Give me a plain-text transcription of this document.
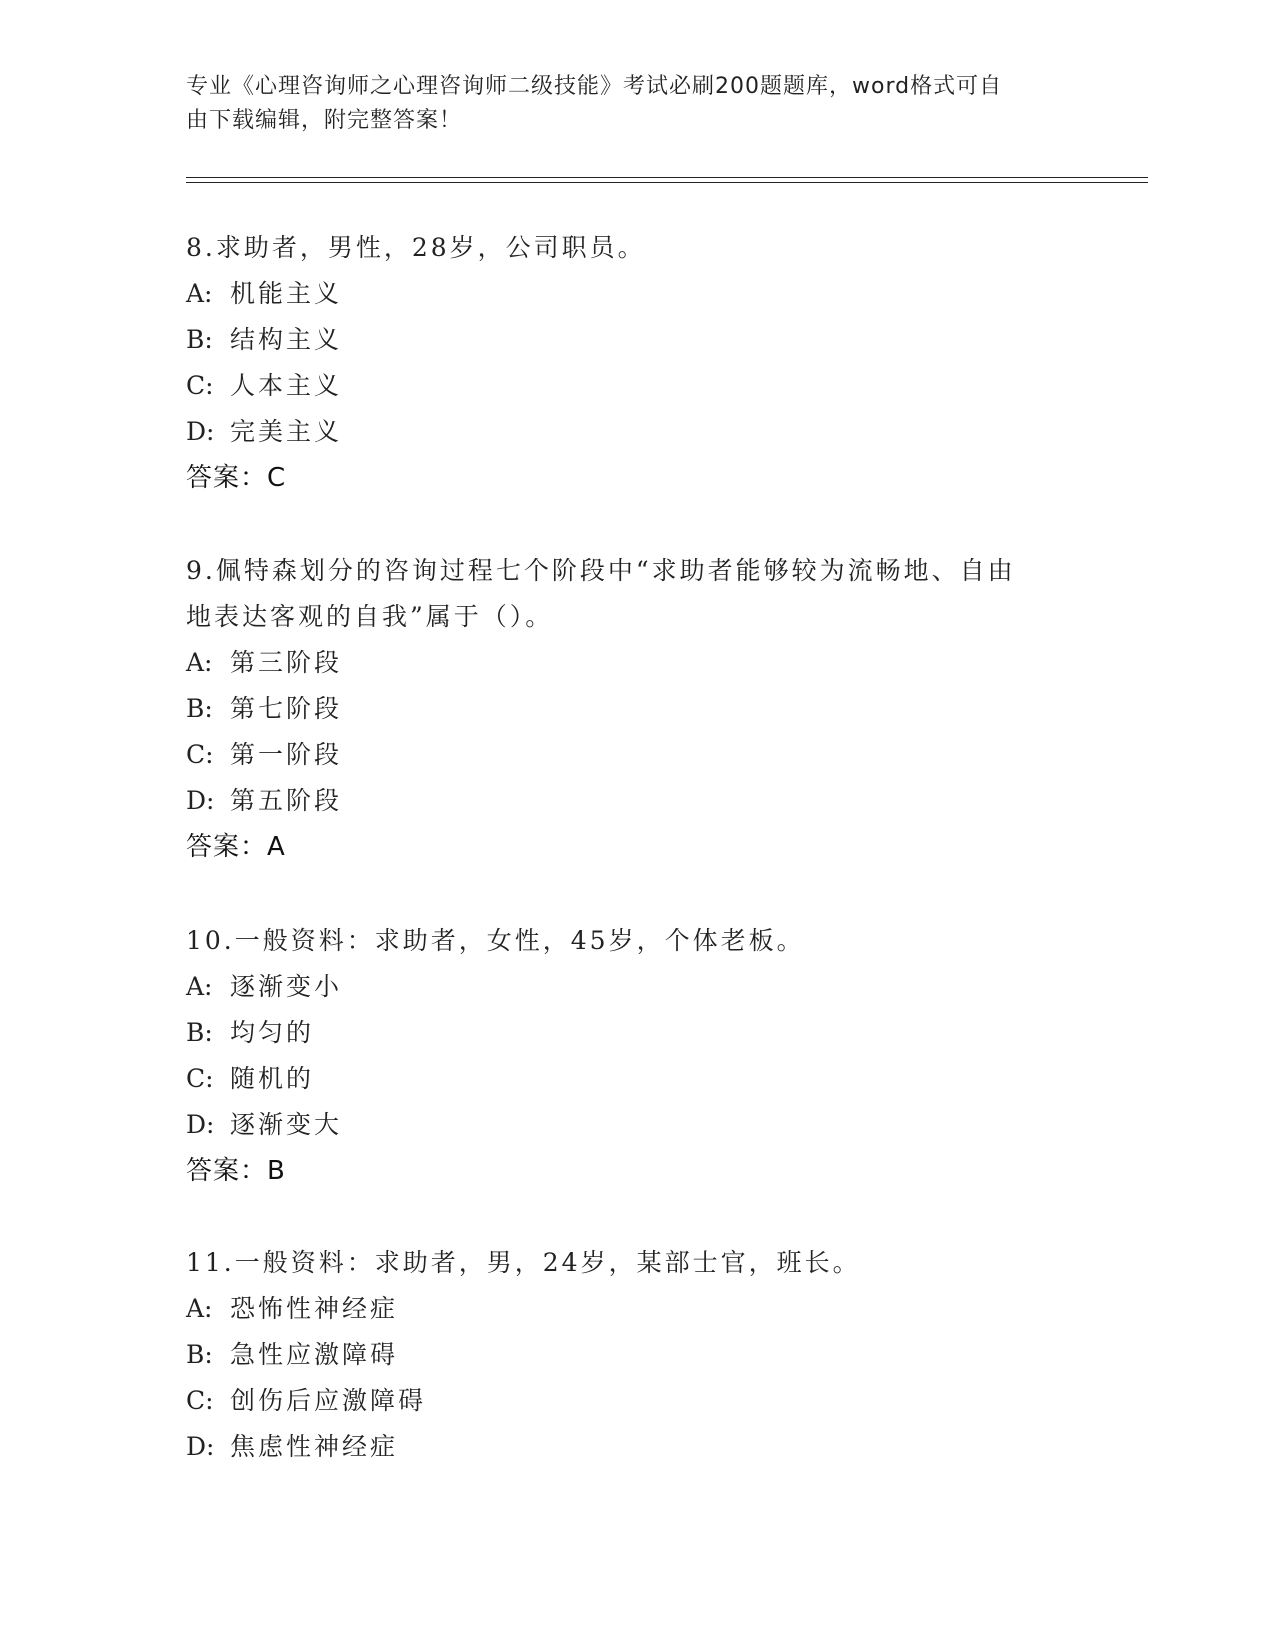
专业《心理咨询师之心理咨询师二级技能》考试必刷200题题库，word格式可自
由下载编辑，附完整答案！
8.求助者，男性，28岁，公司职员。
A: 机能主义
B: 结构主义
C: 人本主义
D: 完美主义
答案：C
9.佩特森划分的咨询过程七个阶段中“求助者能够较为流畅地、自由
地表达客观的自我”属于（）。
A: 第三阶段
B: 第七阶段
C: 第一阶段
D: 第五阶段
答案：A
10.一般资料：求助者，女性，45岁，个体老板。
A: 逐渐变小
B: 均匀的
C: 随机的
D: 逐渐变大
答案：B
11.一般资料：求助者，男，24岁，某部士官，班长。
A: 恐怖性神经症
B: 急性应激障碍
C: 创伤后应激障碍
D: 焦虑性神经症
